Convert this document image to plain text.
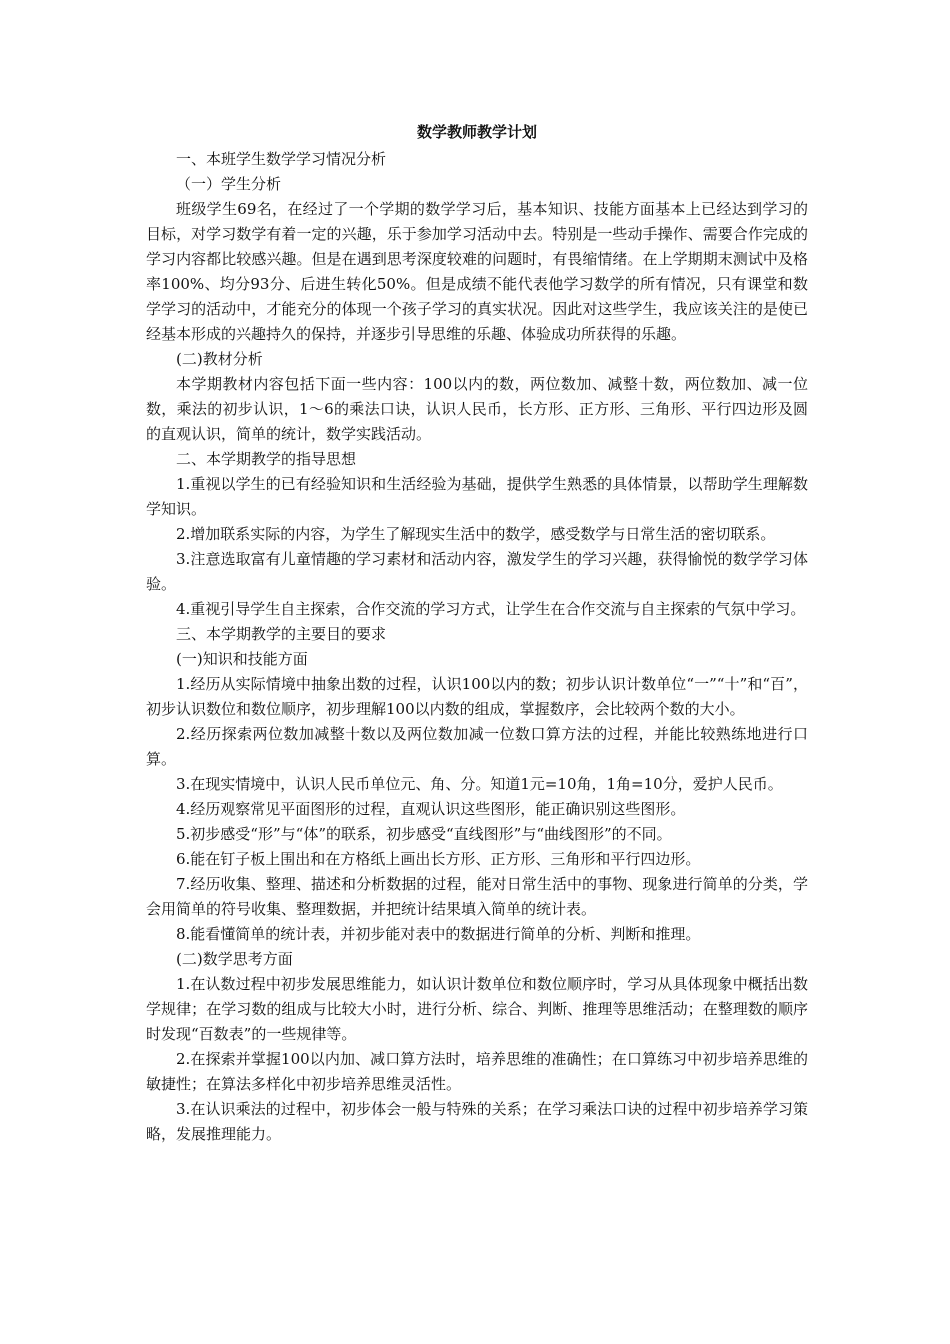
数学教师教学计划

一、本班学生数学学习情况分析

（一）学生分析

班级学生69名，在经过了一个学期的数学学习后，基本知识、技能方面基本上已经达到学习的目标，对学习数学有着一定的兴趣，乐于参加学习活动中去。特别是一些动手操作、需要合作完成的学习内容都比较感兴趣。但是在遇到思考深度较难的问题时，有畏缩情绪。在上学期期末测试中及格率100%、均分93分、后进生转化50%。但是成绩不能代表他学习数学的所有情况，只有课堂和数学学习的活动中，才能充分的体现一个孩子学习的真实状况。因此对这些学生，我应该关注的是使已经基本形成的兴趣持久的保持，并逐步引导思维的乐趣、体验成功所获得的乐趣。

(二)教材分析

本学期教材内容包括下面一些内容：100以内的数，两位数加、减整十数，两位数加、减一位数，乘法的初步认识，1～6的乘法口诀，认识人民币，长方形、正方形、三角形、平行四边形及圆的直观认识，简单的统计，数学实践活动。

二、本学期教学的指导思想

1.重视以学生的已有经验知识和生活经验为基础，提供学生熟悉的具体情景，以帮助学生理解数学知识。

2.增加联系实际的内容，为学生了解现实生活中的数学，感受数学与日常生活的密切联系。

3.注意选取富有儿童情趣的学习素材和活动内容，激发学生的学习兴趣，获得愉悦的数学学习体验。

4.重视引导学生自主探索，合作交流的学习方式，让学生在合作交流与自主探索的气氛中学习。

三、本学期教学的主要目的要求

(一)知识和技能方面

1.经历从实际情境中抽象出数的过程，认识100以内的数；初步认识计数单位“一”“十”和“百”，初步认识数位和数位顺序，初步理解100以内数的组成，掌握数序，会比较两个数的大小。

2.经历探索两位数加减整十数以及两位数加减一位数口算方法的过程，并能比较熟练地进行口算。

3.在现实情境中，认识人民币单位元、角、分。知道1元=10角，1角=10分，爱护人民币。

4.经历观察常见平面图形的过程，直观认识这些图形，能正确识别这些图形。

5.初步感受“形”与“体”的联系，初步感受“直线图形”与“曲线图形”的不同。

6.能在钉子板上围出和在方格纸上画出长方形、正方形、三角形和平行四边形。

7.经历收集、整理、描述和分析数据的过程，能对日常生活中的事物、现象进行简单的分类，学会用简单的符号收集、整理数据，并把统计结果填入简单的统计表。

8.能看懂简单的统计表，并初步能对表中的数据进行简单的分析、判断和推理。

(二)数学思考方面

1.在认数过程中初步发展思维能力，如认识计数单位和数位顺序时，学习从具体现象中概括出数学规律；在学习数的组成与比较大小时，进行分析、综合、判断、推理等思维活动；在整理数的顺序时发现“百数表”的一些规律等。

2.在探索并掌握100以内加、减口算方法时，培养思维的准确性；在口算练习中初步培养思维的敏捷性；在算法多样化中初步培养思维灵活性。

3.在认识乘法的过程中，初步体会一般与特殊的关系；在学习乘法口诀的过程中初步培养学习策略，发展推理能力。
